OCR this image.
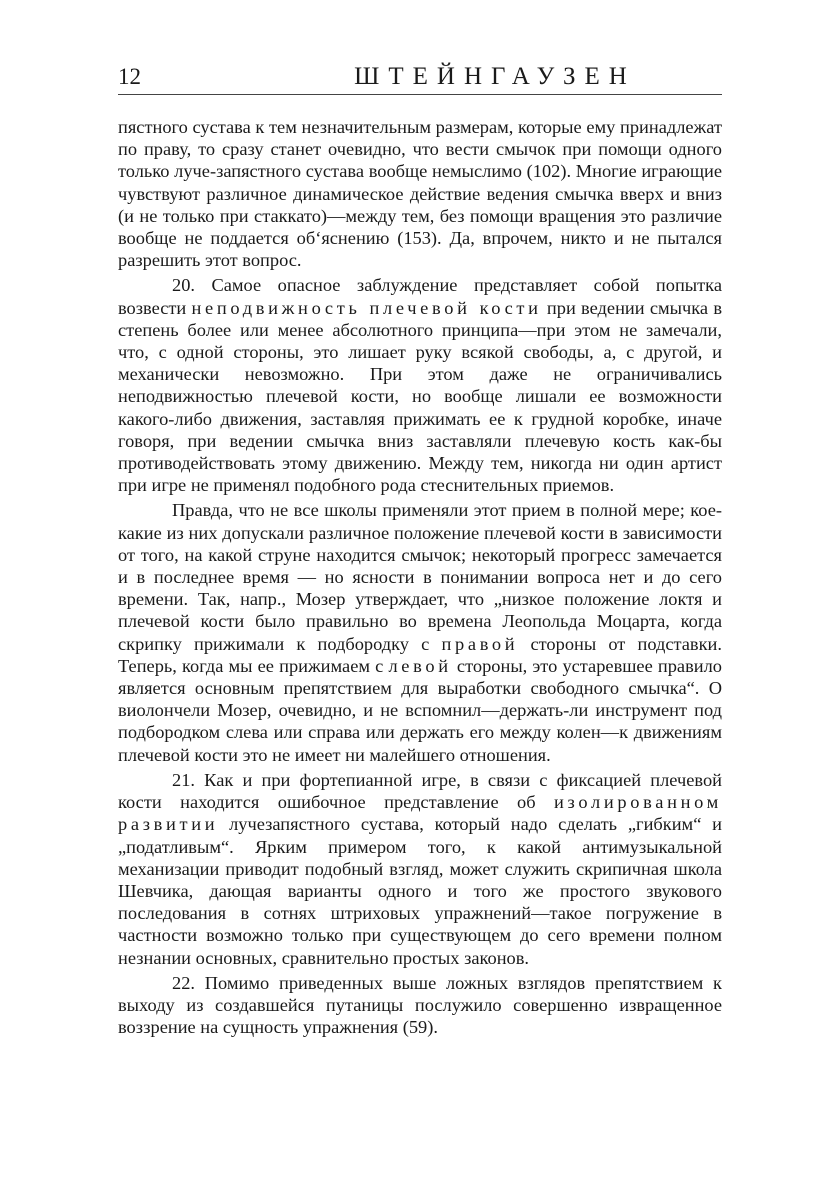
12	ШТЕЙНГАУЗЕН

пястного сустава к тем незначительным размерам, которые ему принадлежат по праву, то сразу станет очевидно, что вести смычок при помощи одного только луче-запястного сустава вообще немыслимо (102). Многие играющие чувствуют различное динамическое действие ведения смычка вверх и вниз (и не только при стаккато)—между тем, без помощи вращения это различие вообще не поддается об‘яснению (153). Да, впрочем, никто и не пытался разрешить этот вопрос.

20. Самое опасное заблуждение представляет собой попытка возвести неподвижность плечевой кости при ведении смычка в степень более или менее абсолютного принципа—при этом не замечали, что, с одной стороны, это лишает руку всякой свободы, а, с другой, и механически невозможно. При этом даже не ограничивались неподвижностью плечевой кости, но вообще лишали ее возможности какого-либо движения, заставляя прижимать ее к грудной коробке, иначе говоря, при ведении смычка вниз заставляли плечевую кость как-бы противодействовать этому движению. Между тем, никогда ни один артист при игре не применял подобного рода стеснительных приемов.

Правда, что не все школы применяли этот прием в полной мере; кое-какие из них допускали различное положение плечевой кости в зависимости от того, на какой струне находится смычок; некоторый прогресс замечается и в последнее время — но ясности в понимании вопроса нет и до сего времени. Так, напр., Мозер утверждает, что „низкое положение локтя и плечевой кости было правильно во времена Леопольда Моцарта, когда скрипку прижимали к подбородку с правой стороны от подставки. Теперь, когда мы ее прижимаем с левой стороны, это устаревшее правило является основным препятствием для выработки свободного смычка“. О виолончели Мозер, очевидно, и не вспомнил—держать-ли инструмент под подбородком слева или справа или держать его между колен—к движениям плечевой кости это не имеет ни малейшего отношения.

21. Как и при фортепианной игре, в связи с фиксацией плечевой кости находится ошибочное представление об изолированном развитии лучезапястного сустава, который надо сделать „гибким“ и „податливым“. Ярким примером того, к какой антимузыкальной механизации приводит подобный взгляд, может служить скрипичная школа Шевчика, дающая варианты одного и того же простого звукового последования в сотнях штриховых упражнений—такое погружение в частности возможно только при существующем до сего времени полном незнании основных, сравнительно простых законов.

22. Помимо приведенных выше ложных взглядов препятствием к выходу из создавшейся путаницы послужило совершенно извращенное воззрение на сущность упражнения (59).
